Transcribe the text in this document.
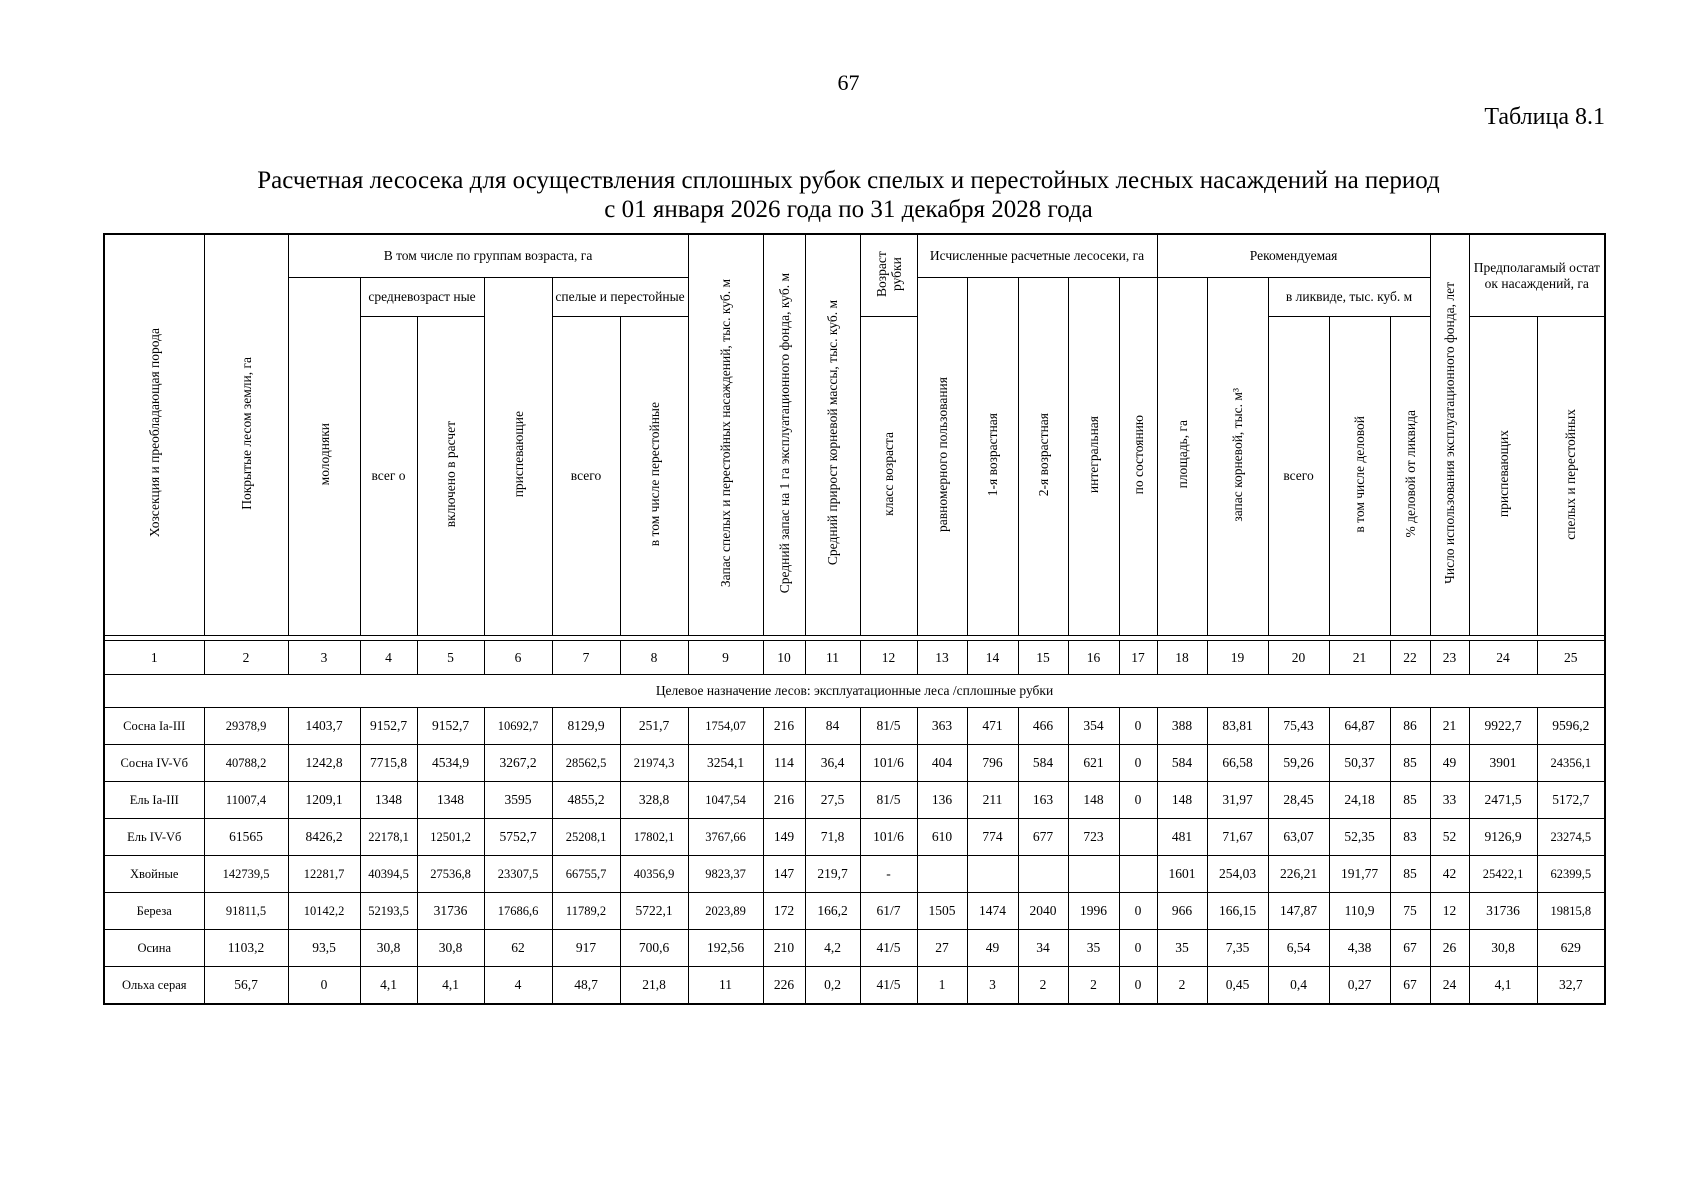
67
Таблица 8.1
Расчетная лесосека для осуществления сплошных рубок спелых и перестойных лесных насаждений на период
с 01 января 2026 года по 31 декабря 2028 года
Хозсекция и преобладающая порода	Покрытые лесом земли, га	В том числе по группам возраста, га						Запас спелых и перестойных насаждений, тыс. куб. м	Средний запас на 1 га эксплуатационного фонда, куб. м	Средний прирост корневой массы, тыс. куб. м	Возраст рубки	Исчисленные расчетные лесосеки, га					Рекомендуемая					Число использования эксплуатационного фонда, лет	Предполагамый остаток насаждений, га	
		молодняки	средневозраст ные		приспевающие	спелые и перестойные						равномерного пользования	1-я возрастная	2-я возрастная	интегральная	по состоянию	площадь, га	запас корневой, тыс. м³	в ликвиде, тыс. куб. м					
			всег о	включено в расчет		всего	в том числе перестойные				класс возраста								всего	в том числе деловой	% деловой от ликвида		приспевающих	спелых и перестойных

1	2	3	4	5	6	7	8	9	10	11	12	13	14	15	16	17	18	19	20	21	22	23	24	25
Целевое назначение лесов: эксплуатационные леса /сплошные рубки																								
Сосна Ia-III	29378,9	1403,7	9152,7	9152,7	10692,7	8129,9	251,7	1754,07	216	84	81/5	363	471	466	354	0	388	83,81	75,43	64,87	86	21	9922,7	9596,2
Сосна IV-Vб	40788,2	1242,8	7715,8	4534,9	3267,2	28562,5	21974,3	3254,1	114	36,4	101/6	404	796	584	621	0	584	66,58	59,26	50,37	85	49	3901	24356,1
Ель Ia-III	11007,4	1209,1	1348	1348	3595	4855,2	328,8	1047,54	216	27,5	81/5	136	211	163	148	0	148	31,97	28,45	24,18	85	33	2471,5	5172,7
Ель IV-Vб	61565	8426,2	22178,1	12501,2	5752,7	25208,1	17802,1	3767,66	149	71,8	101/6	610	774	677	723		481	71,67	63,07	52,35	83	52	9126,9	23274,5
Хвойные	142739,5	12281,7	40394,5	27536,8	23307,5	66755,7	40356,9	9823,37	147	219,7	-						1601	254,03	226,21	191,77	85	42	25422,1	62399,5
Береза	91811,5	10142,2	52193,5	31736	17686,6	11789,2	5722,1	2023,89	172	166,2	61/7	1505	1474	2040	1996	0	966	166,15	147,87	110,9	75	12	31736	19815,8
Осина	1103,2	93,5	30,8	30,8	62	917	700,6	192,56	210	4,2	41/5	27	49	34	35	0	35	7,35	6,54	4,38	67	26	30,8	629
Ольха серая	56,7	0	4,1	4,1	4	48,7	21,8	11	226	0,2	41/5	1	3	2	2	0	2	0,45	0,4	0,27	67	24	4,1	32,7
